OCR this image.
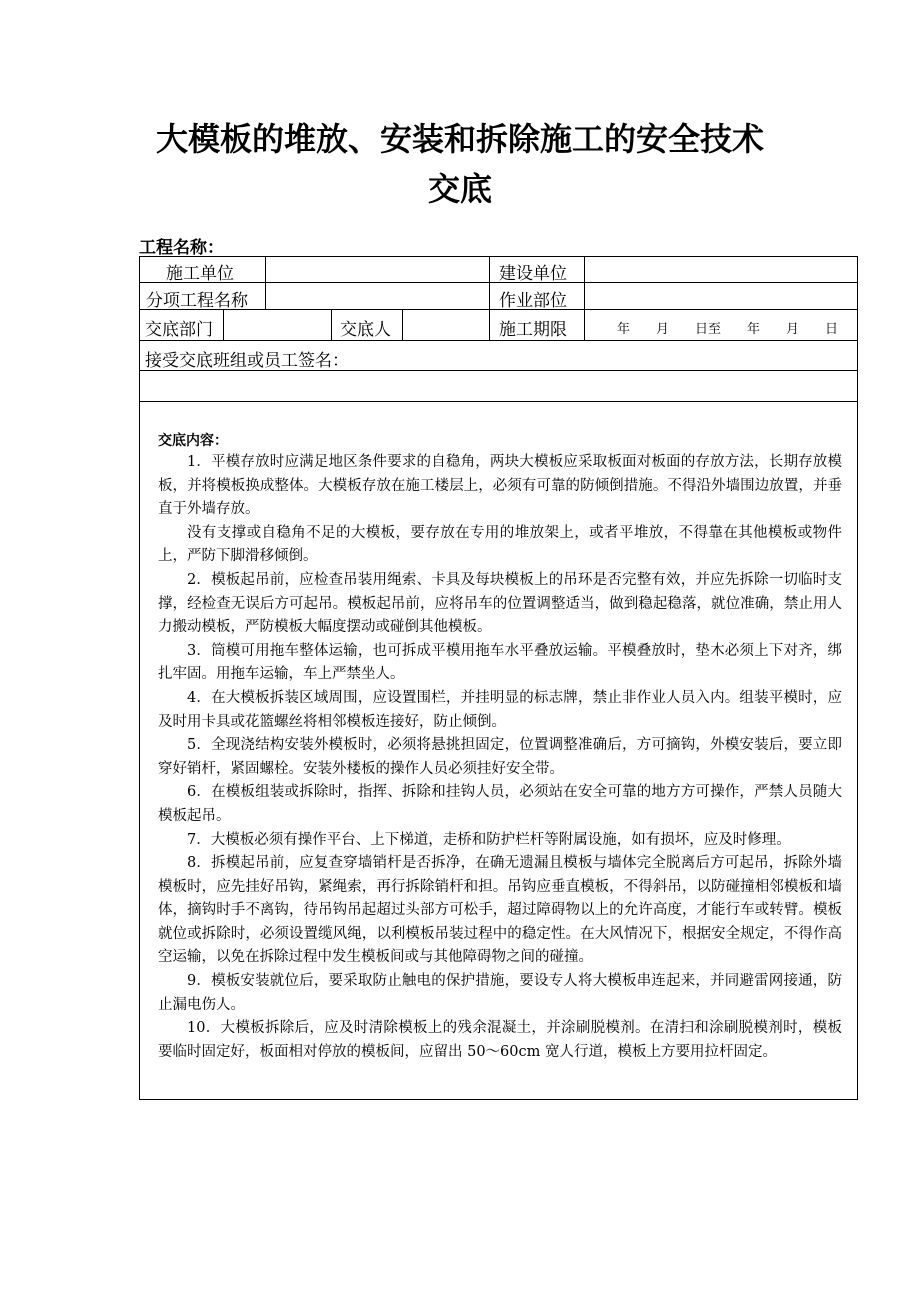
大模板的堆放、安装和拆除施工的安全技术
交底
工程名称：
施工单位	建设单位
分项工程名称	作业部位
交底部门	交底人	施工期限	年　　月　　日至　　年　　月　　日
接受交底班组或员工签名：
交底内容：

1．平模存放时应满足地区条件要求的自稳角，两块大模板应采取板面对板面的存放方法，长期存放模板，并将模板换成整体。大模板存放在施工楼层上，必须有可靠的防倾倒措施。不得沿外墙围边放置，并垂直于外墙存放。

没有支撑或自稳角不足的大模板，要存放在专用的堆放架上，或者平堆放，不得靠在其他模板或物件上，严防下脚滑移倾倒。

2．模板起吊前，应检查吊装用绳索、卡具及每块模板上的吊环是否完整有效，并应先拆除一切临时支撑，经检查无误后方可起吊。模板起吊前，应将吊车的位置调整适当，做到稳起稳落，就位准确，禁止用人力搬动模板，严防模板大幅度摆动或碰倒其他模板。

3．筒模可用拖车整体运输，也可拆成平模用拖车水平叠放运输。平模叠放时，垫木必须上下对齐，绑扎牢固。用拖车运输，车上严禁坐人。

4．在大模板拆装区域周围，应设置围栏，并挂明显的标志牌，禁止非作业人员入内。组装平模时，应及时用卡具或花篮螺丝将相邻模板连接好，防止倾倒。

5．全现浇结构安装外模板时，必须将悬挑担固定，位置调整准确后，方可摘钩，外模安装后，要立即穿好销杆，紧固螺栓。安装外楼板的操作人员必须挂好安全带。

6．在模板组装或拆除时，指挥、拆除和挂钩人员，必须站在安全可靠的地方方可操作，严禁人员随大模板起吊。

7．大模板必须有操作平台、上下梯道，走桥和防护栏杆等附属设施，如有损坏，应及时修理。

8．拆模起吊前，应复查穿墙销杆是否拆净，在确无遗漏且模板与墙体完全脱离后方可起吊，拆除外墙模板时，应先挂好吊钩，紧绳索，再行拆除销杆和担。吊钩应垂直模板，不得斜吊，以防碰撞相邻模板和墙体，摘钩时手不离钩，待吊钩吊起超过头部方可松手，超过障碍物以上的允许高度，才能行车或转臂。模板就位或拆除时，必须设置缆风绳，以利模板吊装过程中的稳定性。在大风情况下，根据安全规定，不得作高空运输，以免在拆除过程中发生模板间或与其他障碍物之间的碰撞。

9．模板安装就位后，要采取防止触电的保护措施，要设专人将大模板串连起来，并同避雷网接通，防止漏电伤人。

10．大模板拆除后，应及时清除模板上的残余混凝土，并涂刷脱模剂。在清扫和涂刷脱模剂时，模板要临时固定好，板面相对停放的模板间，应留出 50～60cm 宽人行道，模板上方要用拉杆固定。
